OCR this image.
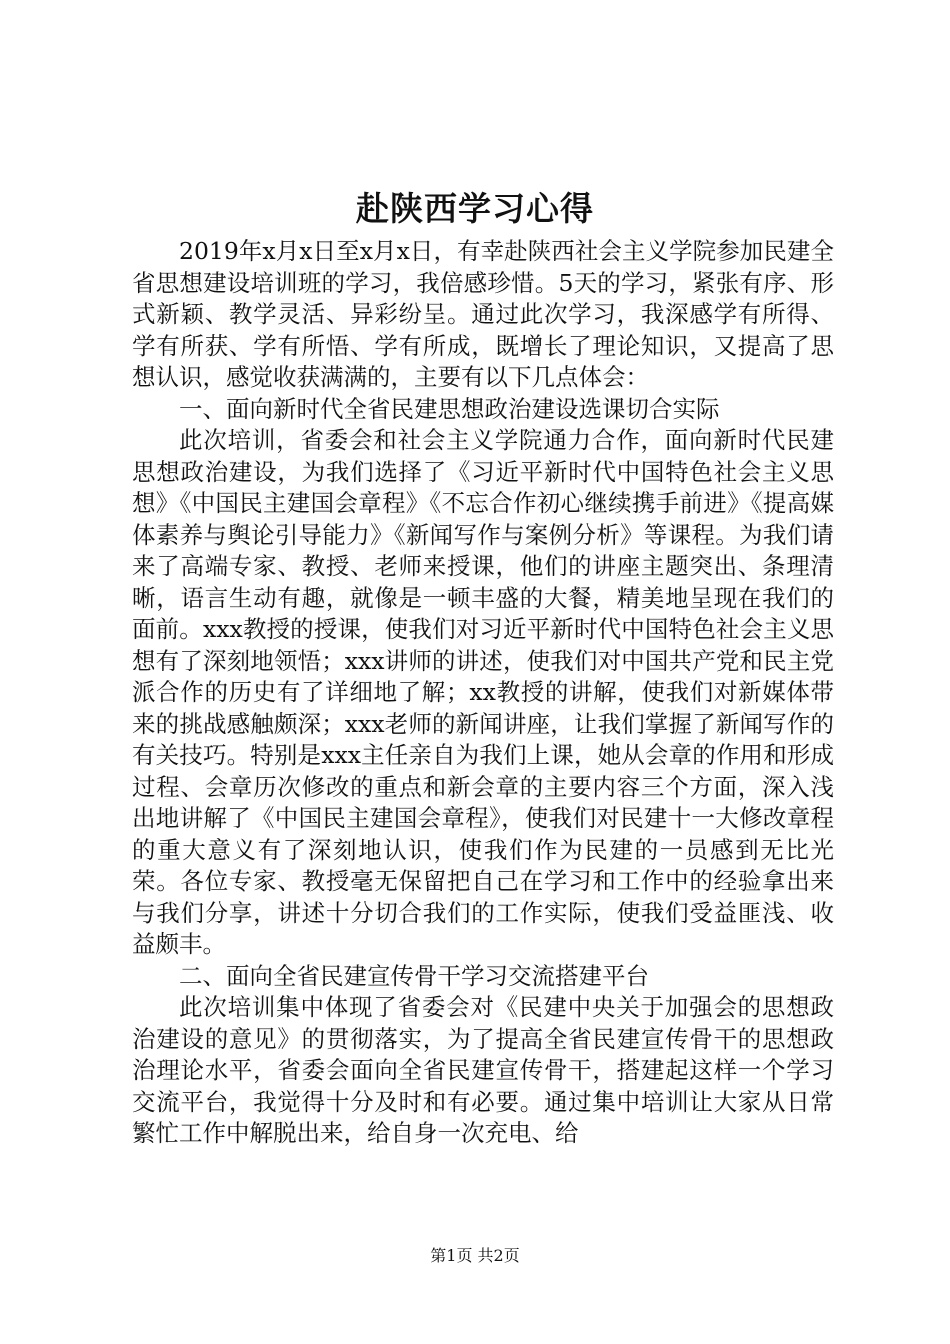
赴陕西学习心得

2019年x月x日至x月x日，有幸赴陕西社会主义学院参加民建全省思想建设培训班的学习，我倍感珍惜。5天的学习，紧张有序、形式新颖、教学灵活、异彩纷呈。通过此次学习，我深感学有所得、学有所获、学有所悟、学有所成，既增长了理论知识，又提高了思想认识，感觉收获满满的，主要有以下几点体会：

一、面向新时代全省民建思想政治建设选课切合实际

此次培训，省委会和社会主义学院通力合作，面向新时代民建思想政治建设，为我们选择了《习近平新时代中国特色社会主义思想》《中国民主建国会章程》《不忘合作初心继续携手前进》《提高媒体素养与舆论引导能力》《新闻写作与案例分析》等课程。为我们请来了高端专家、教授、老师来授课，他们的讲座主题突出、条理清晰，语言生动有趣，就像是一顿丰盛的大餐，精美地呈现在我们的面前。xxx教授的授课，使我们对习近平新时代中国特色社会主义思想有了深刻地领悟；xxx讲师的讲述，使我们对中国共产党和民主党派合作的历史有了详细地了解；xx教授的讲解，使我们对新媒体带来的挑战感触颇深；xxx老师的新闻讲座，让我们掌握了新闻写作的有关技巧。特别是xxx主任亲自为我们上课，她从会章的作用和形成过程、会章历次修改的重点和新会章的主要内容三个方面，深入浅出地讲解了《中国民主建国会章程》，使我们对民建十一大修改章程的重大意义有了深刻地认识，使我们作为民建的一员感到无比光荣。各位专家、教授毫无保留把自己在学习和工作中的经验拿出来与我们分享，讲述十分切合我们的工作实际，使我们受益匪浅、收益颇丰。

二、面向全省民建宣传骨干学习交流搭建平台

此次培训集中体现了省委会对《民建中央关于加强会的思想政治建设的意见》的贯彻落实，为了提高全省民建宣传骨干的思想政治理论水平，省委会面向全省民建宣传骨干，搭建起这样一个学习交流平台，我觉得十分及时和有必要。通过集中培训让大家从日常繁忙工作中解脱出来，给自身一次充电、给

第1页 共2页
